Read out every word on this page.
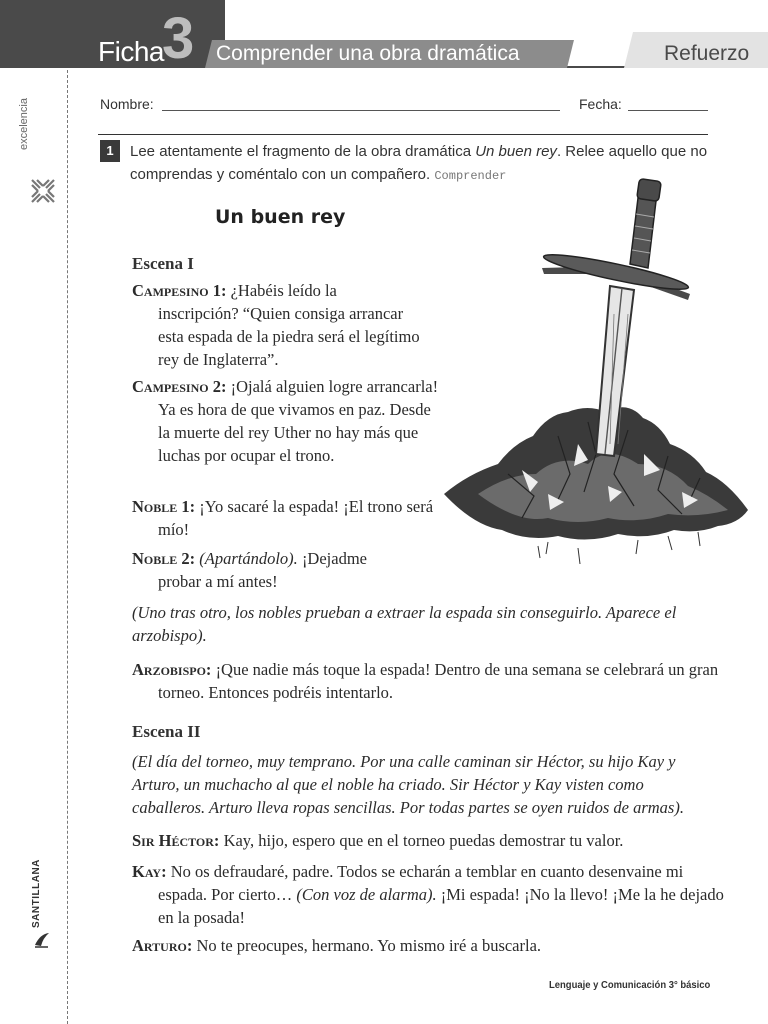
3
Ficha Comprender una obra dramática	Refuerzo
excelencia
SANTILLANA
Nombre:	Fecha:
1	Lee atentamente el fragmento de la obra dramática Un buen rey. Relee aquello que no comprendas y coméntalo con un compañero. Comprender
Un buen rey
Escena I
Campesino 1: ¿Habéis leído la inscripción? “Quien consiga arrancar esta espada de la piedra será el legítimo rey de Inglaterra”.
Campesino 2: ¡Ojalá alguien logre arrancarla! Ya es hora de que vivamos en paz. Desde la muerte del rey Uther no hay más que luchas por ocupar el trono.
Noble 1: ¡Yo sacaré la espada! ¡El trono será mío!
Noble 2: (Apartándolo). ¡Dejadme probar a mí antes!
(Uno tras otro, los nobles prueban a extraer la espada sin conseguirlo. Aparece el arzobispo).
Arzobispo: ¡Que nadie más toque la espada! Dentro de una semana se celebrará un gran torneo. Entonces podréis intentarlo.
Escena II
(El día del torneo, muy temprano. Por una calle caminan sir Héctor, su hijo Kay y Arturo, un muchacho al que el noble ha criado. Sir Héctor y Kay visten como caballeros. Arturo lleva ropas sencillas. Por todas partes se oyen ruidos de armas).
Sir Héctor: Kay, hijo, espero que en el torneo puedas demostrar tu valor.
Kay: No os defraudaré, padre. Todos se echarán a temblar en cuanto desenvaine mi espada. Por cierto… (Con voz de alarma). ¡Mi espada! ¡No la llevo! ¡Me la he dejado en la posada!
Arturo: No te preocupes, hermano. Yo mismo iré a buscarla.
Lenguaje y Comunicación 3° básico
